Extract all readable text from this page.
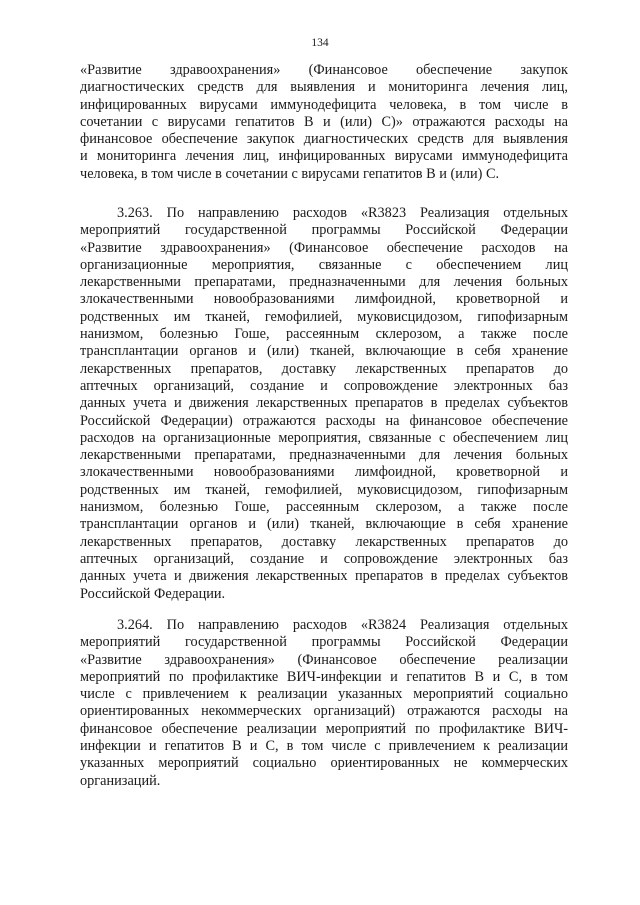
134

«Развитие здравоохранения» (Финансовое обеспечение закупок
диагностических средств для выявления и мониторинга лечения лиц,
инфицированных вирусами иммунодефицита человека, в том числе в
сочетании с вирусами гепатитов В и (или) С)» отражаются расходы на
финансовое обеспечение закупок диагностических средств для выявления
и мониторинга лечения лиц, инфицированных вирусами иммунодефицита
человека, в том числе в сочетании с вирусами гепатитов В и (или) С.

3.263. По направлению расходов «R3823 Реализация отдельных
мероприятий государственной программы Российской Федерации
«Развитие здравоохранения» (Финансовое обеспечение расходов на
организационные мероприятия, связанные с обеспечением лиц
лекарственными препаратами, предназначенными для лечения больных
злокачественными новообразованиями лимфоидной, кроветворной и
родственных им тканей, гемофилией, муковисцидозом, гипофизарным
нанизмом, болезнью Гоше, рассеянным склерозом, а также после
трансплантации органов и (или) тканей, включающие в себя хранение
лекарственных препаратов, доставку лекарственных препаратов до
аптечных организаций, создание и сопровождение электронных баз
данных учета и движения лекарственных препаратов в пределах субъектов
Российской Федерации) отражаются расходы на финансовое обеспечение
расходов на организационные мероприятия, связанные с обеспечением лиц
лекарственными препаратами, предназначенными для лечения больных
злокачественными новообразованиями лимфоидной, кроветворной и
родственных им тканей, гемофилией, муковисцидозом, гипофизарным
нанизмом, болезнью Гоше, рассеянным склерозом, а также после
трансплантации органов и (или) тканей, включающие в себя хранение
лекарственных препаратов, доставку лекарственных препаратов до
аптечных организаций, создание и сопровождение электронных баз
данных учета и движения лекарственных препаратов в пределах субъектов
Российской Федерации.

3.264. По направлению расходов «R3824 Реализация отдельных
мероприятий государственной программы Российской Федерации
«Развитие здравоохранения» (Финансовое обеспечение реализации
мероприятий по профилактике ВИЧ-инфекции и гепатитов В и С, в том
числе с привлечением к реализации указанных мероприятий социально
ориентированных некоммерческих организаций) отражаются расходы на
финансовое обеспечение реализации мероприятий по профилактике ВИЧ-
инфекции и гепатитов В и С, в том числе с привлечением к реализации
указанных мероприятий социально ориентированных не коммерческих
организаций.
